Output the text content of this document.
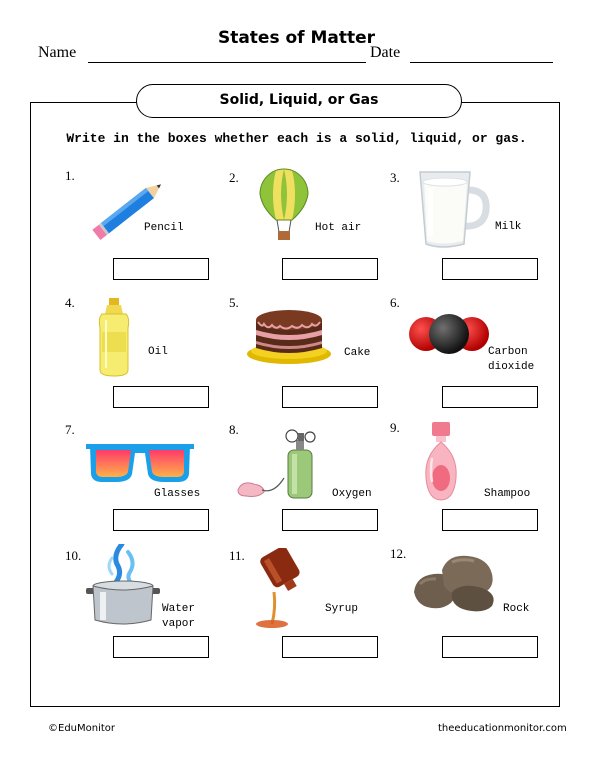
States of Matter
Name	Date
Solid, Liquid, or Gas
Write in the boxes whether each is a solid, liquid, or gas.
1.
Pencil
2.
Hot air
3.
Milk
4.
Oil
5.
Cake
6.
Carbon
dioxide
7.
Glasses
8.
Oxygen
9.
Shampoo
10.
Water
vapor
11.
Syrup
12.
Rock
©EduMonitor	theeducationmonitor.com
